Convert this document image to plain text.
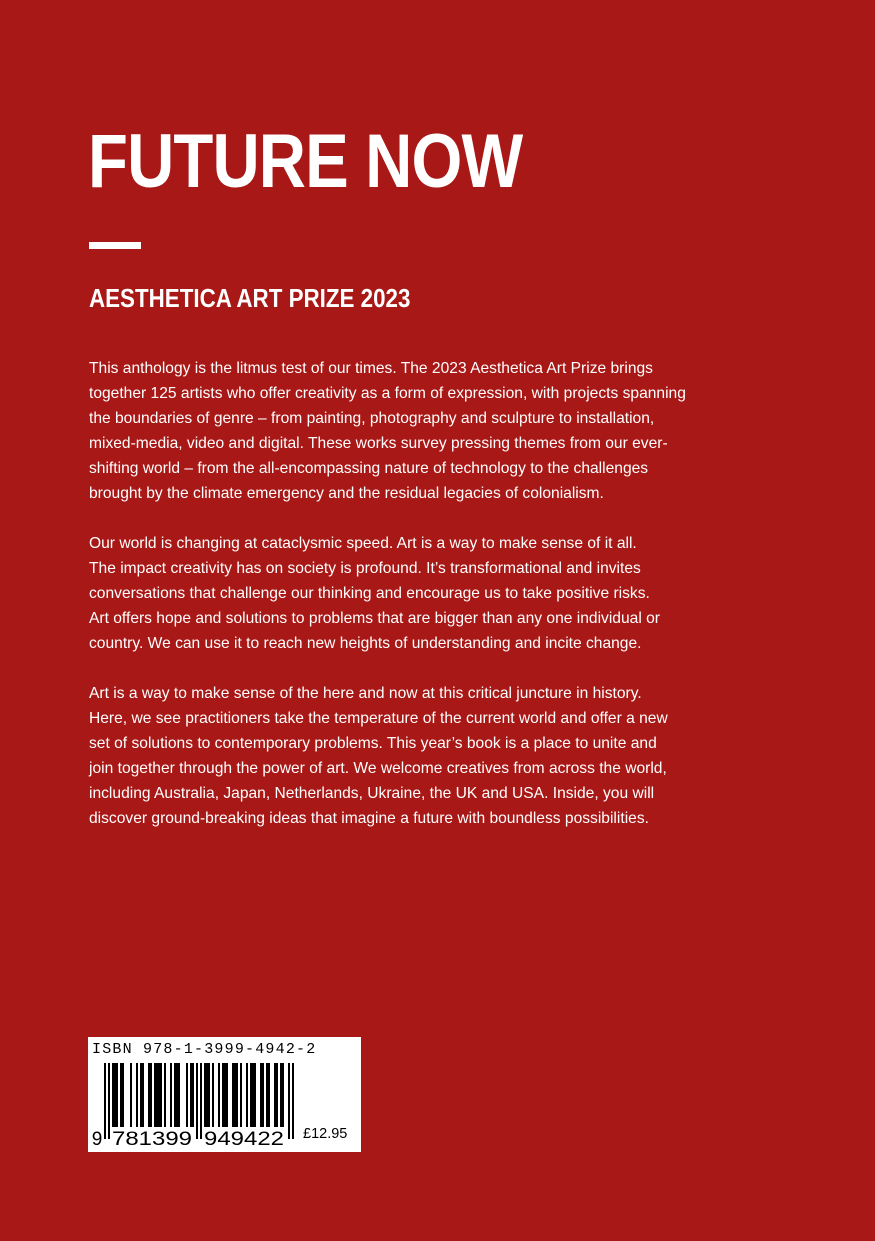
FUTURE NOW
AESTHETICA ART PRIZE 2023

This anthology is the litmus test of our times. The 2023 Aesthetica Art Prize brings
together 125 artists who offer creativity as a form of expression, with projects spanning
the boundaries of genre – from painting, photography and sculpture to installation,
mixed-media, video and digital. These works survey pressing themes from our ever-
shifting world – from the all-encompassing nature of technology to the challenges
brought by the climate emergency and the residual legacies of colonialism.

Our world is changing at cataclysmic speed. Art is a way to make sense of it all.
The impact creativity has on society is profound. It’s transformational and invites
conversations that challenge our thinking and encourage us to take positive risks.
Art offers hope and solutions to problems that are bigger than any one individual or
country. We can use it to reach new heights of understanding and incite change.

Art is a way to make sense of the here and now at this critical juncture in history.
Here, we see practitioners take the temperature of the current world and offer a new
set of solutions to contemporary problems. This year’s book is a place to unite and
join together through the power of art. We welcome creatives from across the world,
including Australia, Japan, Netherlands, Ukraine, the UK and USA. Inside, you will
discover ground-breaking ideas that imagine a future with boundless possibilities.

ISBN 978-1-3999-4942-2
9 781399 949422 £12.95
